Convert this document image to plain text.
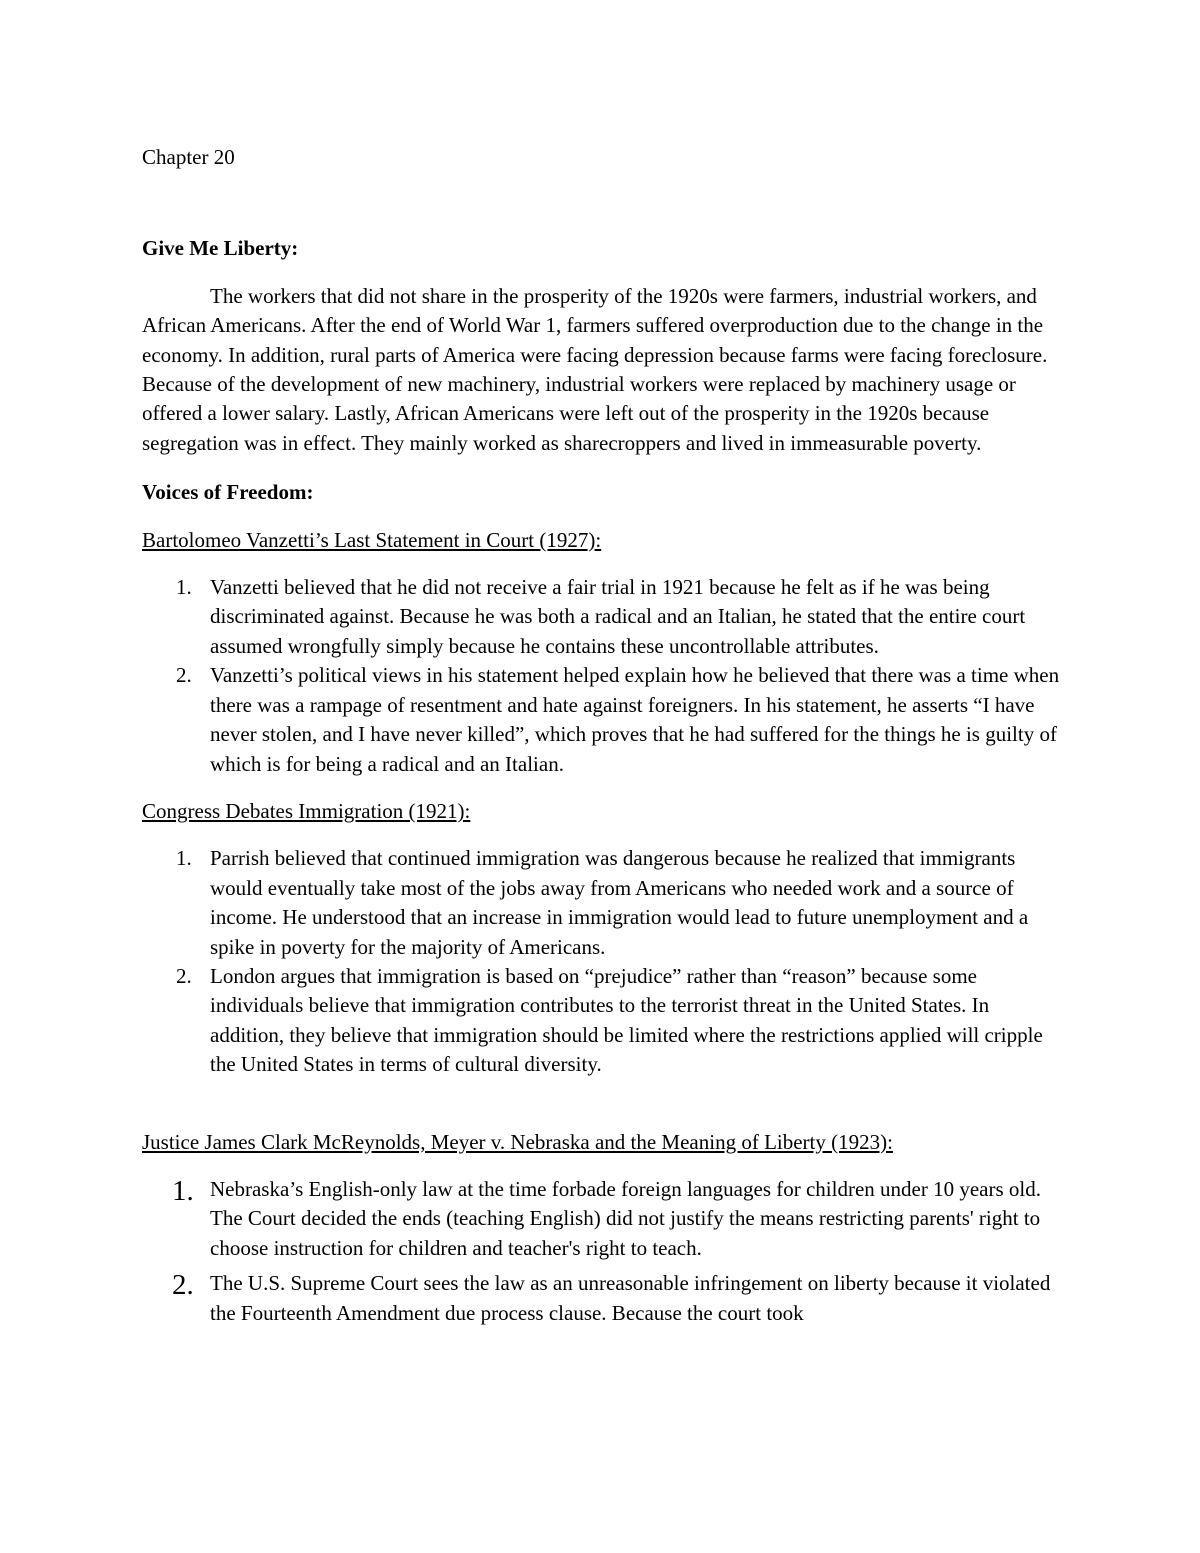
Chapter 20

Give Me Liberty:

The workers that did not share in the prosperity of the 1920s were farmers, industrial workers, and African Americans. After the end of World War 1, farmers suffered overproduction due to the change in the economy. In addition, rural parts of America were facing depression because farms were facing foreclosure. Because of the development of new machinery, industrial workers were replaced by machinery usage or offered a lower salary. Lastly, African Americans were left out of the prosperity in the 1920s because segregation was in effect. They mainly worked as sharecroppers and lived in immeasurable poverty.

Voices of Freedom:

Bartolomeo Vanzetti’s Last Statement in Court (1927):

1. Vanzetti believed that he did not receive a fair trial in 1921 because he felt as if he was being discriminated against. Because he was both a radical and an Italian, he stated that the entire court assumed wrongfully simply because he contains these uncontrollable attributes.
2. Vanzetti’s political views in his statement helped explain how he believed that there was a time when there was a rampage of resentment and hate against foreigners. In his statement, he asserts “I have never stolen, and I have never killed”, which proves that he had suffered for the things he is guilty of which is for being a radical and an Italian.

Congress Debates Immigration (1921):

1. Parrish believed that continued immigration was dangerous because he realized that immigrants would eventually take most of the jobs away from Americans who needed work and a source of income. He understood that an increase in immigration would lead to future unemployment and a spike in poverty for the majority of Americans.
2. London argues that immigration is based on “prejudice” rather than “reason” because some individuals believe that immigration contributes to the terrorist threat in the United States. In addition, they believe that immigration should be limited where the restrictions applied will cripple the United States in terms of cultural diversity.

Justice James Clark McReynolds, Meyer v. Nebraska and the Meaning of Liberty (1923):

1. Nebraska’s English-only law at the time forbade foreign languages for children under 10 years old. The Court decided the ends (teaching English) did not justify the means restricting parents' right to choose instruction for children and teacher's right to teach.
2. The U.S. Supreme Court sees the law as an unreasonable infringement on liberty because it violated the Fourteenth Amendment due process clause. Because the court took
